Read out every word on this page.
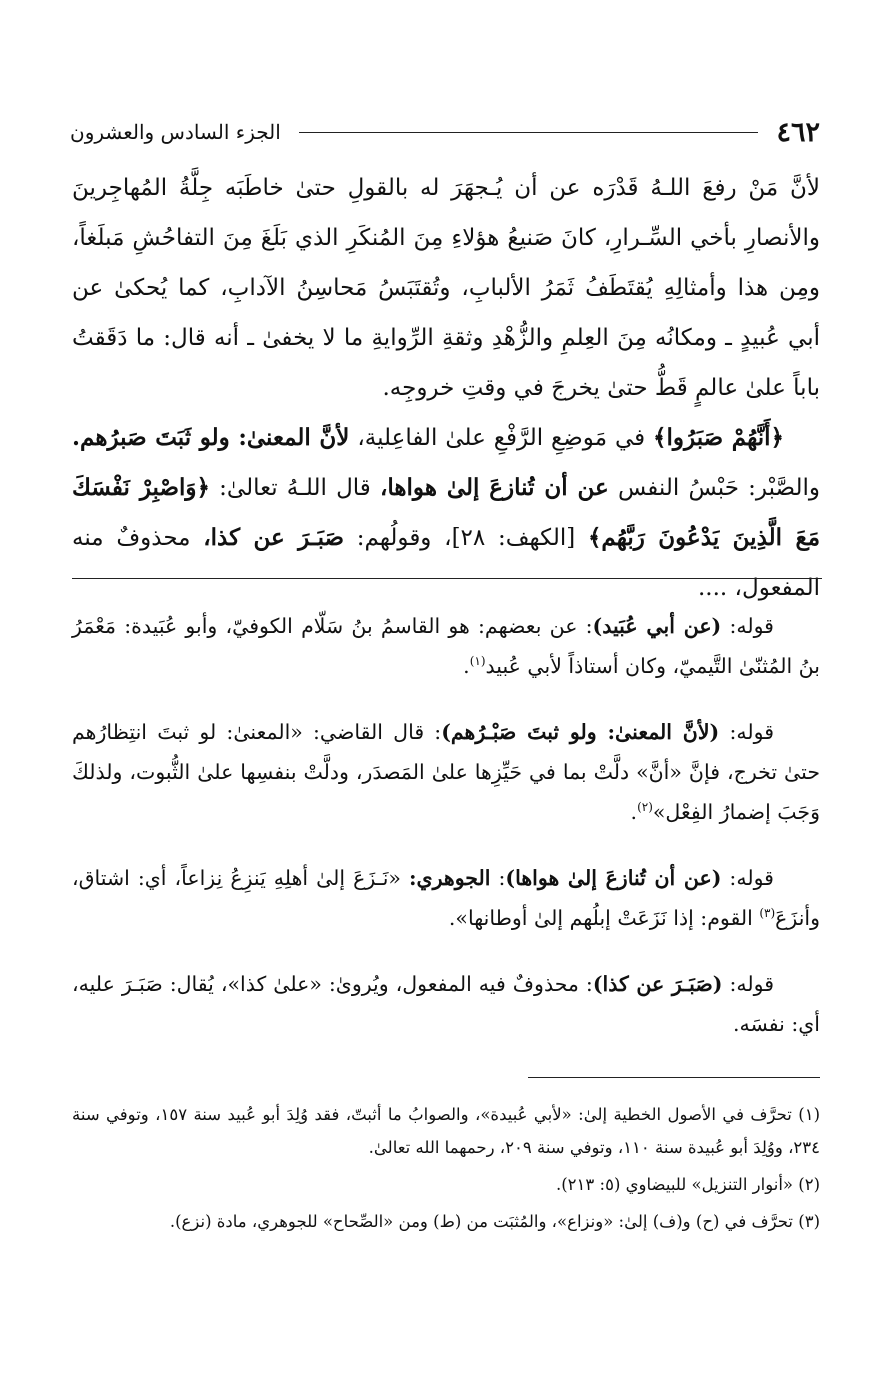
٤٦٢
الجزء السادس والعشرون

لأنَّ مَنْ رفعَ اللـهُ قَدْرَه عن أن يُـجهَرَ له بالقولِ حتىٰ خاطَبَه جِلَّةُ المُهاجِرينَ والأنصارِ بأخي السِّـرارِ، كانَ صَنيعُ هؤلاءِ مِنَ المُنكَرِ الذي بَلَغَ مِنَ التفاحُشِ مَبلَغاً، ومِن هذا وأمثالِهِ يُقتَطَفُ ثَمَرُ الألبابِ، وتُقتَبَسُ مَحاسِنُ الآدابِ، كما يُحكىٰ عن أبي عُبيدٍ ـ ومكانُه مِنَ العِلمِ والزُّهْدِ وثقةِ الرِّوايةِ ما لا يخفىٰ ـ أنه قال: ما دَقَقتُ باباً علىٰ عالمٍ قَطُّ حتىٰ يخرجَ في وقتِ خروجِه.

﴿أَنَّهُمْ صَبَرُوا﴾ في مَوضِعِ الرَّفْعِ علىٰ الفاعِلية، لأنَّ المعنىٰ: ولو ثَبَتَ صَبرُهم. والصَّبْر: حَبْسُ النفس عن أن تُنازعَ إلىٰ هواها، قال اللـهُ تعالىٰ: ﴿وَاصْبِرْ نَفْسَكَ مَعَ الَّذِينَ يَدْعُونَ رَبَّهُم﴾ [الكهف: ٢٨]، وقولُهم: صَبَـرَ عن كذا، محذوفٌ منه المفعول، ....

قوله: (عن أبي عُبَيد): عن بعضهم: هو القاسمُ بنُ سَلّام الكوفيّ، وأبو عُبَيدة: مَعْمَرُ بنُ المُثنّىٰ التَّيميّ، وكان أستاذاً لأبي عُبيد$^{(١)}$.

قوله: (لأنَّ المعنىٰ: ولو ثبتَ صَبْـرُهم): قال القاضي: «المعنىٰ: لو ثبتَ انتِظارُهم حتىٰ تخرج، فإنَّ «أنَّ» دلَّتْ بما في حَيِّزِها علىٰ المَصدَر، ودلَّتْ بنفسِها علىٰ الثُّبوت، ولذلكَ وَجَبَ إضمارُ الفِعْل»$^{(٢)}$.

قوله: (عن أن تُنازعَ إلىٰ هواها): الجوهري: «نَـزَعَ إلىٰ أهلِهِ يَنزِعُ نِزاعاً، أي: اشتاق، وأنزَعَ$^{(٣)}$ القوم: إذا نَزَعَتْ إبلُهم إلىٰ أوطانها».

قوله: (صَبَـرَ عن كذا): محذوفٌ فيه المفعول، ويُروىٰ: «علىٰ كذا»، يُقال: صَبَـرَ عليه، أي: نفسَه.

(١) تحرَّف في الأصول الخطية إلىٰ: «لأبي عُبيدة»، والصوابُ ما أثبتّ، فقد وُلِدَ أبو عُبيد سنة ١٥٧، وتوفي سنة ٢٣٤، ووُلِدَ أبو عُبيدة سنة ١١٠، وتوفي سنة ٢٠٩، رحمهما الله تعالىٰ.

(٢) «أنوار التنزيل» للبيضاوي (٥: ٢١٣).

(٣) تحرَّف في (ح) و(ف) إلىٰ: «ونزاع»، والمُثبَت من (ط) ومن «الصِّحاح» للجوهري، مادة (نزع).
